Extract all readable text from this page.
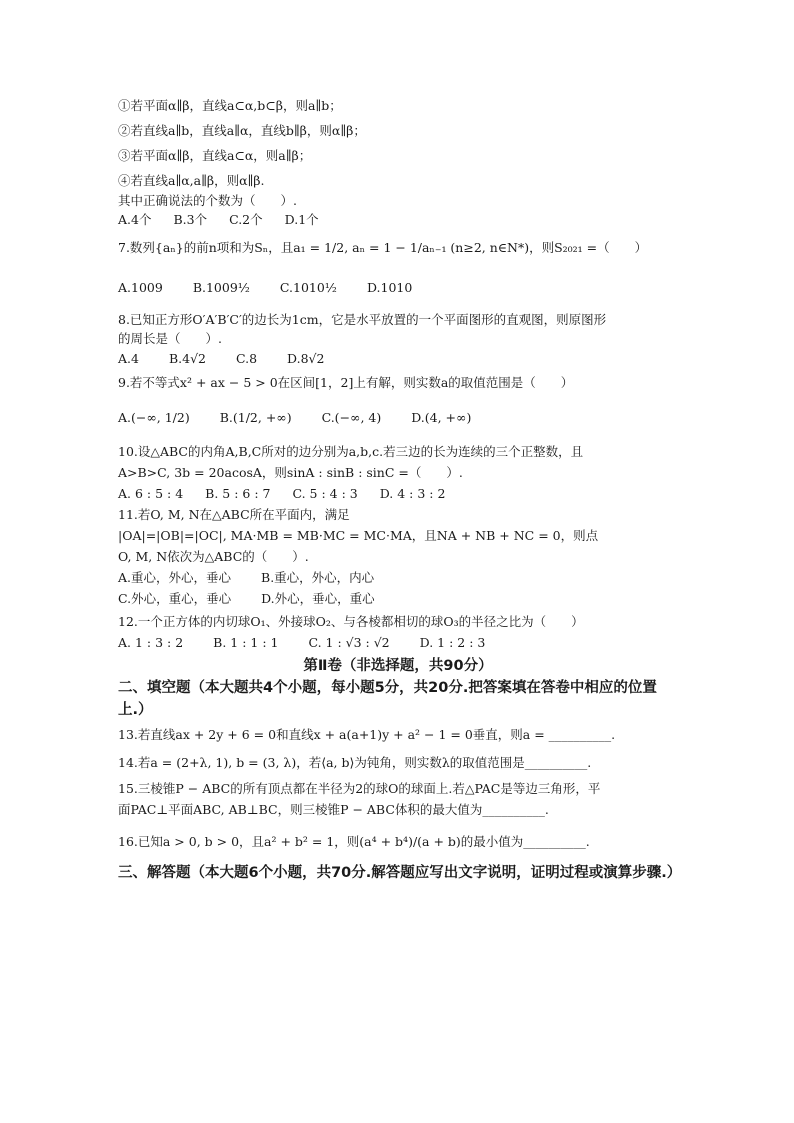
①若平面α∥β，直线a⊂α,b⊂β，则a∥b；
②若直线a∥b，直线a∥α，直线b∥β，则α∥β；
③若平面α∥β，直线a⊂α，则a∥β；
④若直线a∥α,a∥β，则α∥β.
其中正确说法的个数为（　　）.
A.4个 B.3个 C.2个 D.1个
7.数列{aₙ}的前n项和为Sₙ，且a₁ = 1/2, aₙ = 1 − 1/aₙ₋₁ (n≥2, n∈N*)，则S₂₀₂₁ =（　　）
A.1009 B.1009½ C.1010½ D.1010
8.已知正方形O′A′B′C′的边长为1cm，它是水平放置的一个平面图形的直观图，则原图形
的周长是（　　）.
A.4 B.4√2 C.8 D.8√2
9.若不等式x² + ax − 5 > 0在区间[1，2]上有解，则实数a的取值范围是（　　）
A.(−∞, 1/2) B.(1/2, +∞) C.(−∞, 4) D.(4, +∞)
10.设△ABC的内角A,B,C所对的边分别为a,b,c.若三边的长为连续的三个正整数，且
A>B>C, 3b = 20acosA，则sinA : sinB : sinC =（　　）.
A. 6 : 5 : 4 B. 5 : 6 : 7 C. 5 : 4 : 3 D. 4 : 3 : 2
11.若O, M, N在△ABC所在平面内，满足
|OA|=|OB|=|OC|, MA·MB = MB·MC = MC·MA，且NA + NB + NC = 0，则点
O, M, N依次为△ABC的（　　）.
A.重心，外心，垂心 B.重心，外心，内心
C.外心，重心，垂心 D.外心，垂心，重心
12.一个正方体的内切球O₁、外接球O₂、与各棱都相切的球O₃的半径之比为（　　）
A. 1 : 3 : 2 B. 1 : 1 : 1 C. 1 : √3 : √2 D. 1 : 2 : 3
第Ⅱ卷（非选择题，共90分）
二、填空题（本大题共4个小题，每小题5分，共20分.把答案填在答卷中相应的位置上.）
13.若直线ax + 2y + 6 = 0和直线x + a(a+1)y + a² − 1 = 0垂直，则a = __________.
14.若a = (2+λ, 1), b = (3, λ)，若⟨a, b⟩为钝角，则实数λ的取值范围是__________.
15.三棱锥P − ABC的所有顶点都在半径为2的球O的球面上.若△PAC是等边三角形，平
面PAC⊥平面ABC, AB⊥BC，则三棱锥P − ABC体积的最大值为__________.
16.已知a > 0, b > 0，且a² + b² = 1，则(a⁴ + b⁴)/(a + b)的最小值为__________.
三、解答题（本大题6个小题，共70分.解答题应写出文字说明，证明过程或演算步骤.）
